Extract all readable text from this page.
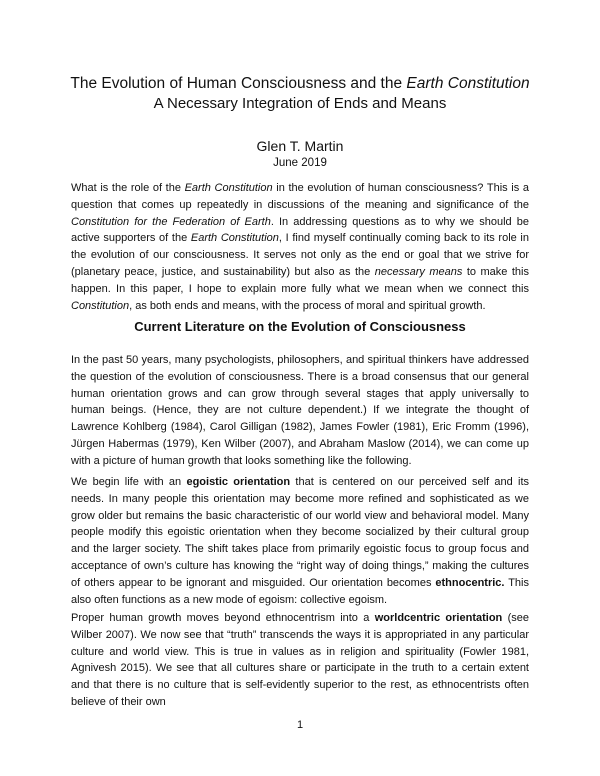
The Evolution of Human Consciousness and the Earth Constitution
A Necessary Integration of Ends and Means
Glen T. Martin
June 2019
What is the role of the Earth Constitution in the evolution of human consciousness? This is a question that comes up repeatedly in discussions of the meaning and significance of the Constitution for the Federation of Earth. In addressing questions as to why we should be active supporters of the Earth Constitution, I find myself continually coming back to its role in the evolution of our consciousness. It serves not only as the end or goal that we strive for (planetary peace, justice, and sustainability) but also as the necessary means to make this happen. In this paper, I hope to explain more fully what we mean when we connect this Constitution, as both ends and means, with the process of moral and spiritual growth.
Current Literature on the Evolution of Consciousness
In the past 50 years, many psychologists, philosophers, and spiritual thinkers have addressed the question of the evolution of consciousness. There is a broad consensus that our general human orientation grows and can grow through several stages that apply universally to human beings. (Hence, they are not culture dependent.) If we integrate the thought of Lawrence Kohlberg (1984), Carol Gilligan (1982), James Fowler (1981), Eric Fromm (1996), Jürgen Habermas (1979), Ken Wilber (2007), and Abraham Maslow (2014), we can come up with a picture of human growth that looks something like the following.
We begin life with an egoistic orientation that is centered on our perceived self and its needs. In many people this orientation may become more refined and sophisticated as we grow older but remains the basic characteristic of our world view and behavioral model. Many people modify this egoistic orientation when they become socialized by their cultural group and the larger society. The shift takes place from primarily egoistic focus to group focus and acceptance of own’s culture has knowing the “right way of doing things,” making the cultures of others appear to be ignorant and misguided. Our orientation becomes ethnocentric. This also often functions as a new mode of egoism: collective egoism.
Proper human growth moves beyond ethnocentrism into a worldcentric orientation (see Wilber 2007). We now see that “truth” transcends the ways it is appropriated in any particular culture and world view. This is true in values as in religion and spirituality (Fowler 1981, Agnivesh 2015). We see that all cultures share or participate in the truth to a certain extent and that there is no culture that is self-evidently superior to the rest, as ethnocentrists often believe of their own
1
